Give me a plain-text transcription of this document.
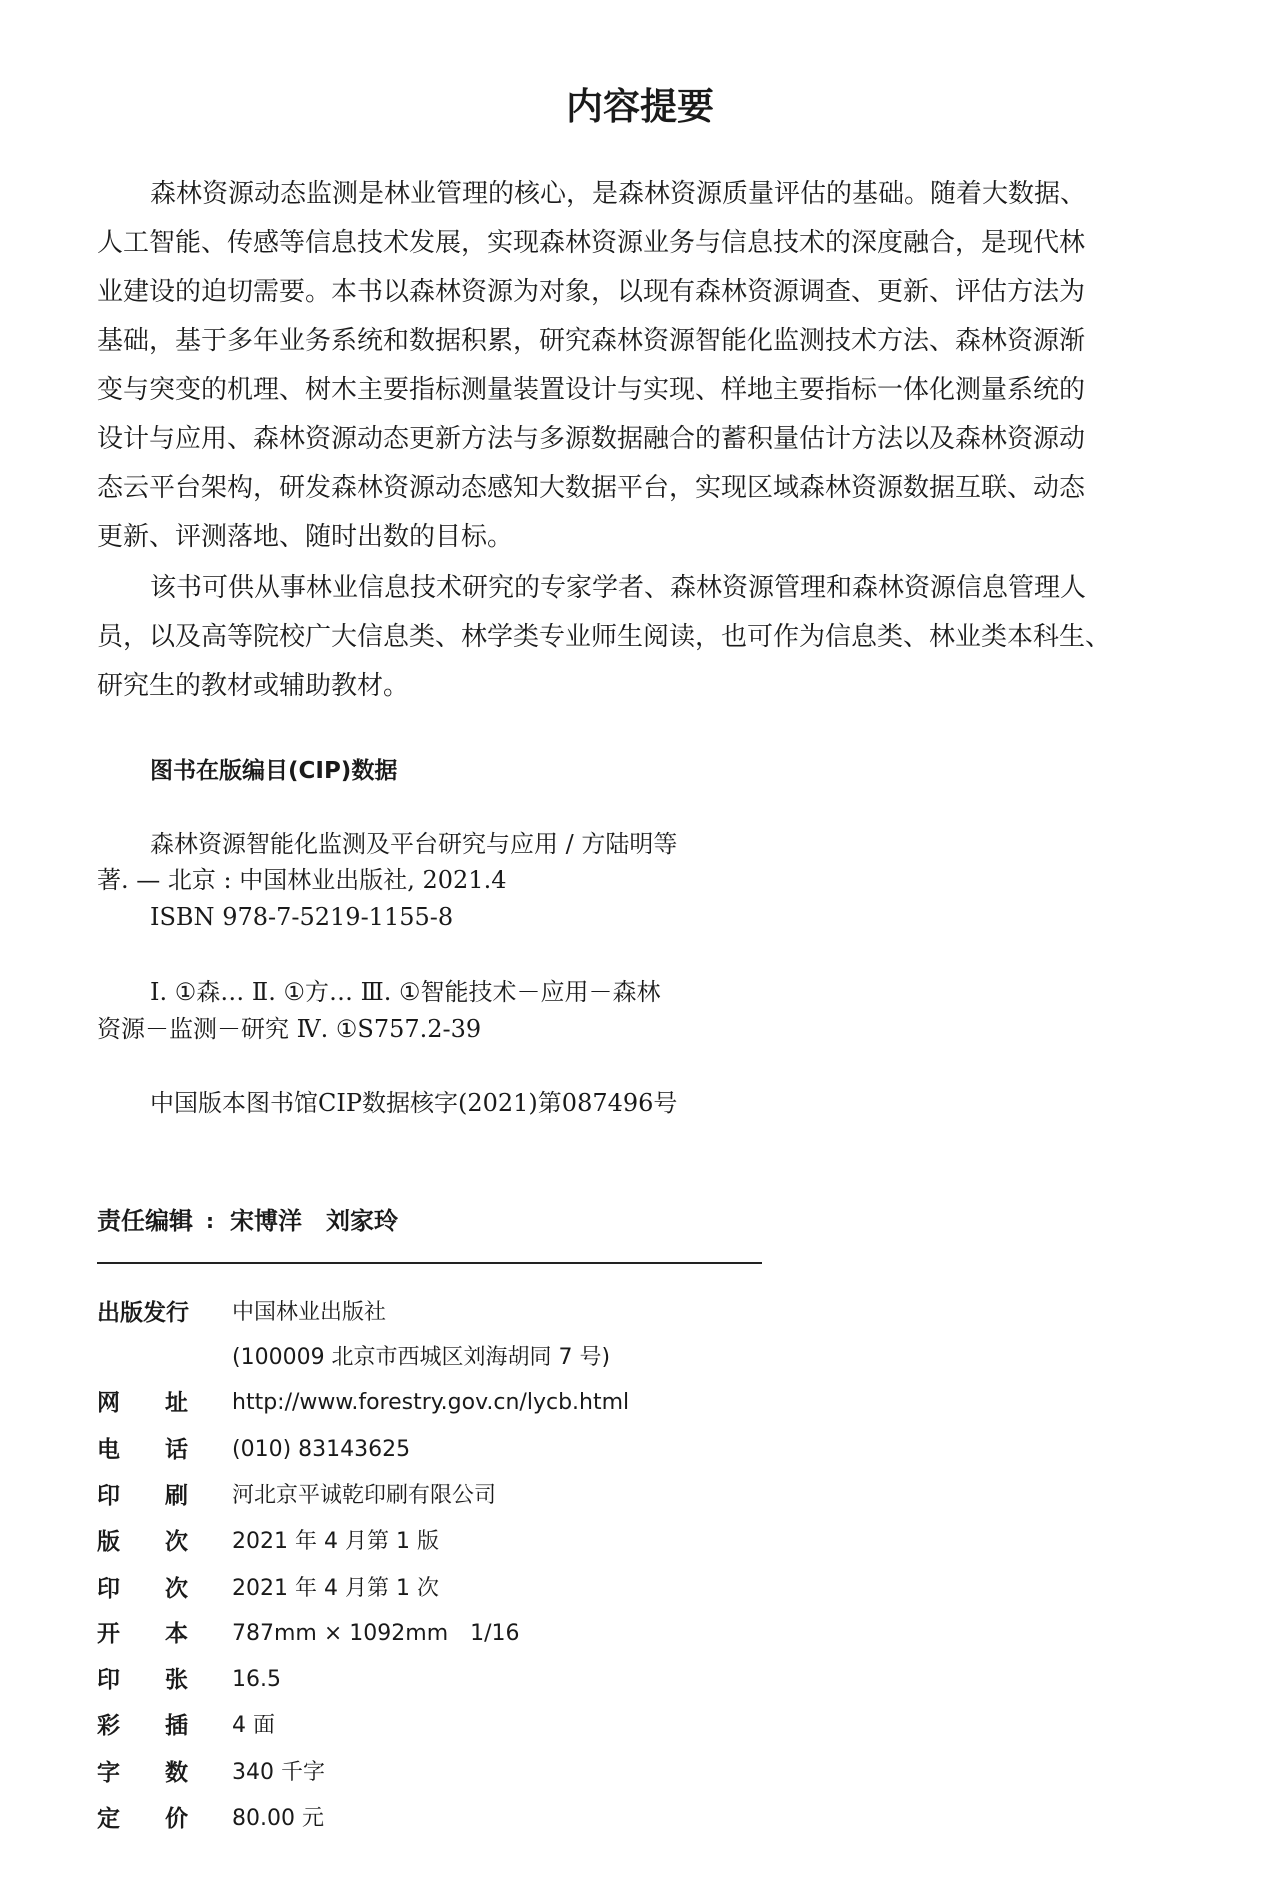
内容提要
森林资源动态监测是林业管理的核心，是森林资源质量评估的基础。随着大数据、
人工智能、传感等信息技术发展，实现森林资源业务与信息技术的深度融合，是现代林
业建设的迫切需要。本书以森林资源为对象，以现有森林资源调查、更新、评估方法为
基础，基于多年业务系统和数据积累，研究森林资源智能化监测技术方法、森林资源渐
变与突变的机理、树木主要指标测量装置设计与实现、样地主要指标一体化测量系统的
设计与应用、森林资源动态更新方法与多源数据融合的蓄积量估计方法以及森林资源动
态云平台架构，研发森林资源动态感知大数据平台，实现区域森林资源数据互联、动态
更新、评测落地、随时出数的目标。
该书可供从事林业信息技术研究的专家学者、森林资源管理和森林资源信息管理人
员，以及高等院校广大信息类、林学类专业师生阅读，也可作为信息类、林业类本科生、
研究生的教材或辅助教材。
图书在版编目(CIP)数据
森林资源智能化监测及平台研究与应用 / 方陆明等
著. — 北京 : 中国林业出版社, 2021.4
ISBN 978-7-5219-1155-8
Ⅰ. ①森… Ⅱ. ①方… Ⅲ. ①智能技术－应用－森林
资源－监测－研究 Ⅳ. ①S757.2-39
中国版本图书馆CIP数据核字(2021)第087496号
责任编辑 : 宋博洋　刘家玲
出版发行 中国林业出版社
(100009 北京市西城区刘海胡同 7 号)
网 址 http://www.forestry.gov.cn/lycb.html
电 话 (010) 83143625
印 刷 河北京平诚乾印刷有限公司
版 次 2021 年 4 月第 1 版
印 次 2021 年 4 月第 1 次
开 本 787mm × 1092mm　1/16
印 张 16.5
彩 插 4 面
字 数 340 千字
定 价 80.00 元
